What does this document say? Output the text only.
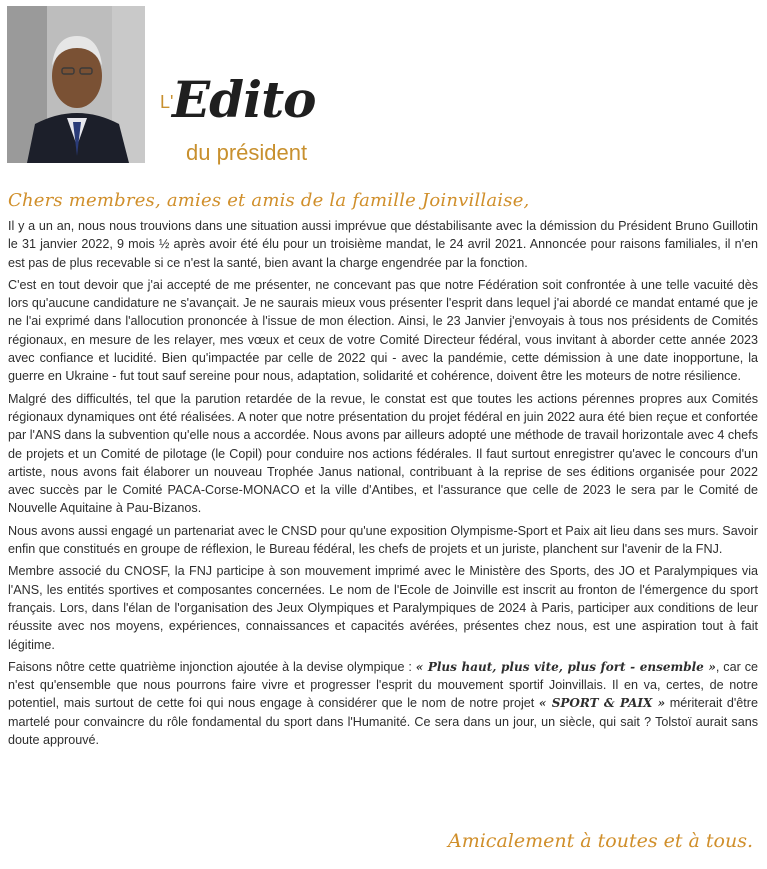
L'
Edito
du président
Chers membres, amies et amis de la famille Joinvillaise,

Il y a un an, nous nous trouvions dans une situation aussi imprévue que déstabilisante avec la démission du Président Bruno Guillotin le 31 janvier 2022, 9 mois ½ après avoir été élu pour un troisième mandat, le 24 avril 2021. Annoncée pour raisons familiales, il n'en est pas de plus recevable si ce n'est la santé, bien avant la charge engendrée par la fonction.

C'est en tout devoir que j'ai accepté de me présenter, ne concevant pas que notre Fédération soit confrontée à une telle vacuité dès lors qu'aucune candidature ne s'avançait. Je ne saurais mieux vous présenter l'esprit dans lequel j'ai abordé ce mandat entamé que je ne l'ai exprimé dans l'allocution prononcée à l'issue de mon élection. Ainsi, le 23 Janvier j'envoyais à tous nos présidents de Comités régionaux, en mesure de les relayer, mes vœux et ceux de votre Comité Directeur fédéral, vous invitant à aborder cette année 2023 avec confiance et lucidité. Bien qu'impactée par celle de 2022 qui - avec la pandémie, cette démission à une date inopportune, la guerre en Ukraine - fut tout sauf sereine pour nous, adaptation, solidarité et cohérence, doivent être les moteurs de notre résilience.

Malgré des difficultés, tel que la parution retardée de la revue, le constat est que toutes les actions pérennes propres aux Comités régionaux dynamiques ont été réalisées. A noter que notre présentation du projet fédéral en juin 2022 aura été bien reçue et confortée par l'ANS dans la subvention qu'elle nous a accordée. Nous avons par ailleurs adopté une méthode de travail horizontale avec 4 chefs de projets et un Comité de pilotage (le Copil) pour conduire nos actions fédérales. Il faut surtout enregistrer qu'avec le concours d'un artiste, nous avons fait élaborer un nouveau Trophée Janus national, contribuant à la reprise de ses éditions organisée pour 2022 avec succès par le Comité PACA-Corse-MONACO et la ville d'Antibes, et l'assurance que celle de 2023 le sera par le Comité de Nouvelle Aquitaine à Pau-Bizanos.

Nous avons aussi engagé un partenariat avec le CNSD pour qu'une exposition Olympisme-Sport et Paix ait lieu dans ses murs. Savoir enfin que constitués en groupe de réflexion, le Bureau fédéral, les chefs de projets et un juriste, planchent sur l'avenir de la FNJ.

Membre associé du CNOSF, la FNJ participe à son mouvement imprimé avec le Ministère des Sports, des JO et Paralympiques via l'ANS, les entités sportives et composantes concernées. Le nom de l'Ecole de Joinville est inscrit au fronton de l'émergence du sport français. Lors, dans l'élan de l'organisation des Jeux Olympiques et Paralympiques de 2024 à Paris, participer aux conditions de leur réussite avec nos moyens, expériences, connaissances et capacités avérées, présentes chez nous, est une aspiration tout à fait légitime.

Faisons nôtre cette quatrième injonction ajoutée à la devise olympique : « Plus haut, plus vite, plus fort - ensemble », car ce n'est qu'ensemble que nous pourrons faire vivre et progresser l'esprit du mouvement sportif Joinvillais. Il en va, certes, de notre potentiel, mais surtout de cette foi qui nous engage à considérer que le nom de notre projet « SPORT & PAIX » mériterait d'être martelé pour convaincre du rôle fondamental du sport dans l'Humanité. Ce sera dans un jour, un siècle, qui sait ? Tolstoï aurait sans doute approuvé.

Amicalement à toutes et à tous.
